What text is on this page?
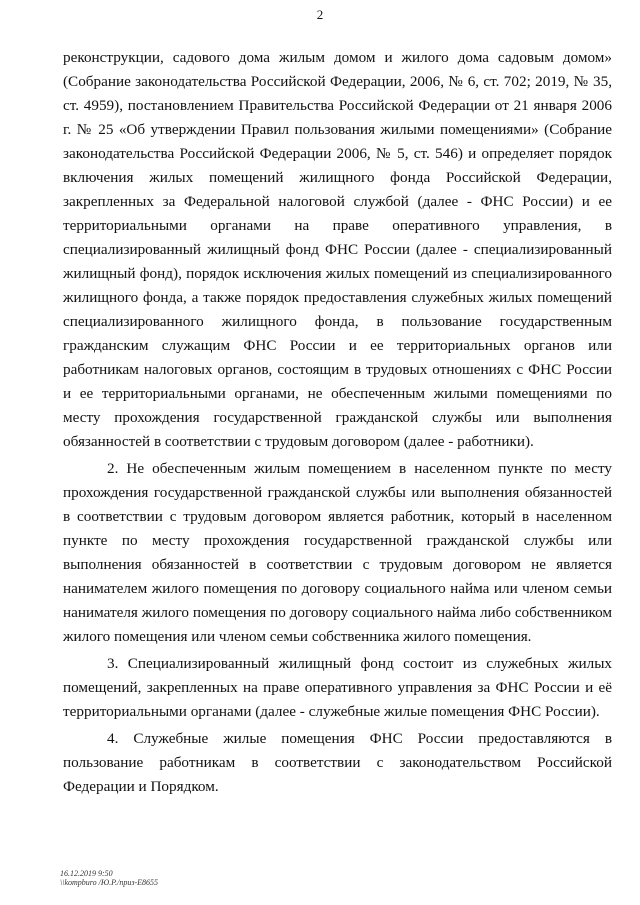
2

реконструкции, садового дома жилым домом и жилого дома садовым домом» (Собрание законодательства Российской Федерации, 2006, № 6, ст. 702; 2019, № 35, ст. 4959), постановлением Правительства Российской Федерации от 21 января 2006 г. № 25 «Об утверждении Правил пользования жилыми помещениями» (Собрание законодательства Российской Федерации 2006, № 5, ст. 546) и определяет порядок включения жилых помещений жилищного фонда Российской Федерации, закрепленных за Федеральной налоговой службой (далее - ФНС России) и ее территориальными органами на праве оперативного управления, в специализированный жилищный фонд ФНС России (далее - специализированный жилищный фонд), порядок исключения жилых помещений из специализированного жилищного фонда, а также порядок предоставления служебных жилых помещений специализированного жилищного фонда, в пользование государственным гражданским служащим ФНС России и ее территориальных органов или работникам налоговых органов, состоящим в трудовых отношениях с ФНС России и ее территориальными органами, не обеспеченным жилыми помещениями по месту прохождения государственной гражданской службы или выполнения обязанностей в соответствии с трудовым договором (далее - работники).

2. Не обеспеченным жилым помещением в населенном пункте по месту прохождения государственной гражданской службы или выполнения обязанностей в соответствии с трудовым договором является работник, который в населенном пункте по месту прохождения государственной гражданской службы или выполнения обязанностей в соответствии с трудовым договором не является нанимателем жилого помещения по договору социального найма или членом семьи нанимателя жилого помещения по договору социального найма либо собственником жилого помещения или членом семьи собственника жилого помещения.

3. Специализированный жилищный фонд состоит из служебных жилых помещений, закрепленных на праве оперативного управления за ФНС России и её территориальными органами (далее - служебные жилые помещения ФНС России).

4. Служебные жилые помещения ФНС России предоставляются в пользование работникам в соответствии с законодательством Российской Федерации и Порядком.

16.12.2019 9:50
\\kompburo /Ю.Р./приз-Е8655
